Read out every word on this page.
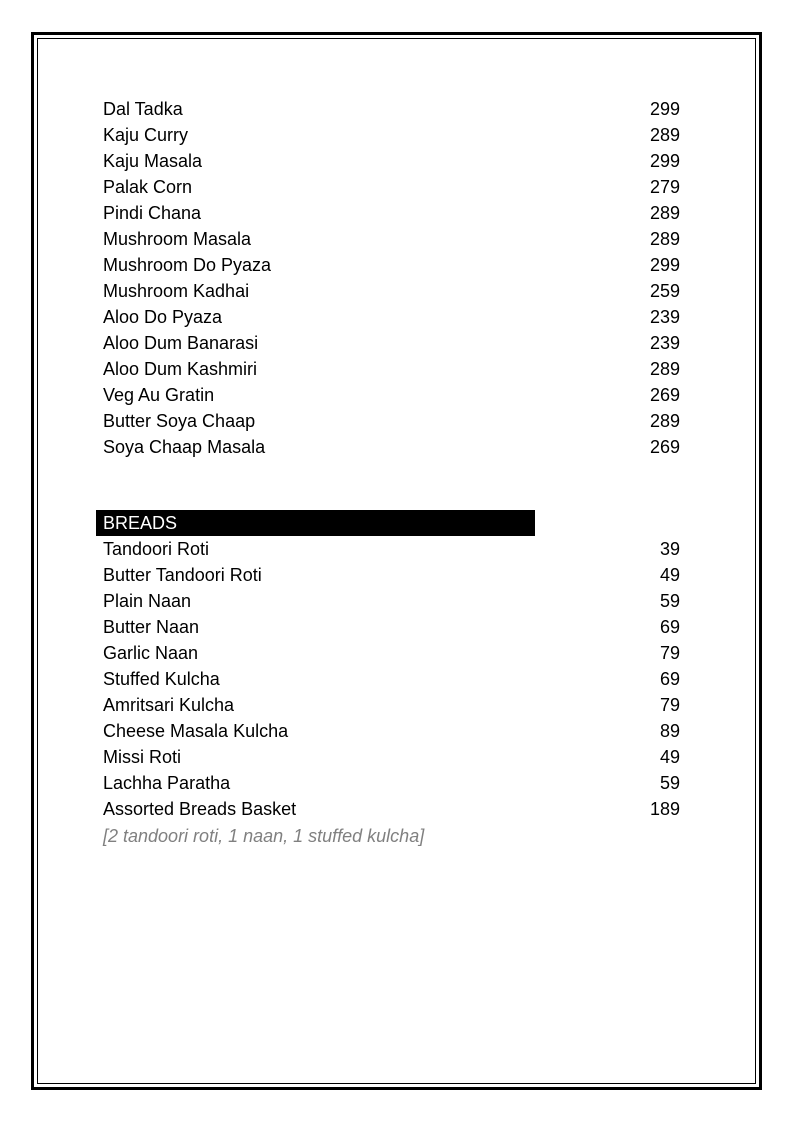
Dal Tadka	299
Kaju Curry	289
Kaju Masala	299
Palak Corn	279
Pindi Chana	289
Mushroom Masala	289
Mushroom Do Pyaza	299
Mushroom Kadhai	259
Aloo Do Pyaza	239
Aloo Dum Banarasi	239
Aloo Dum Kashmiri	289
Veg Au Gratin	269
Butter Soya Chaap	289
Soya Chaap Masala	269
BREADS
Tandoori Roti	39
Butter Tandoori Roti	49
Plain Naan	59
Butter Naan	69
Garlic Naan	79
Stuffed Kulcha	69
Amritsari Kulcha	79
Cheese Masala Kulcha	89
Missi Roti	49
Lachha Paratha	59
Assorted Breads Basket	189
[2 tandoori roti, 1 naan, 1 stuffed kulcha]
